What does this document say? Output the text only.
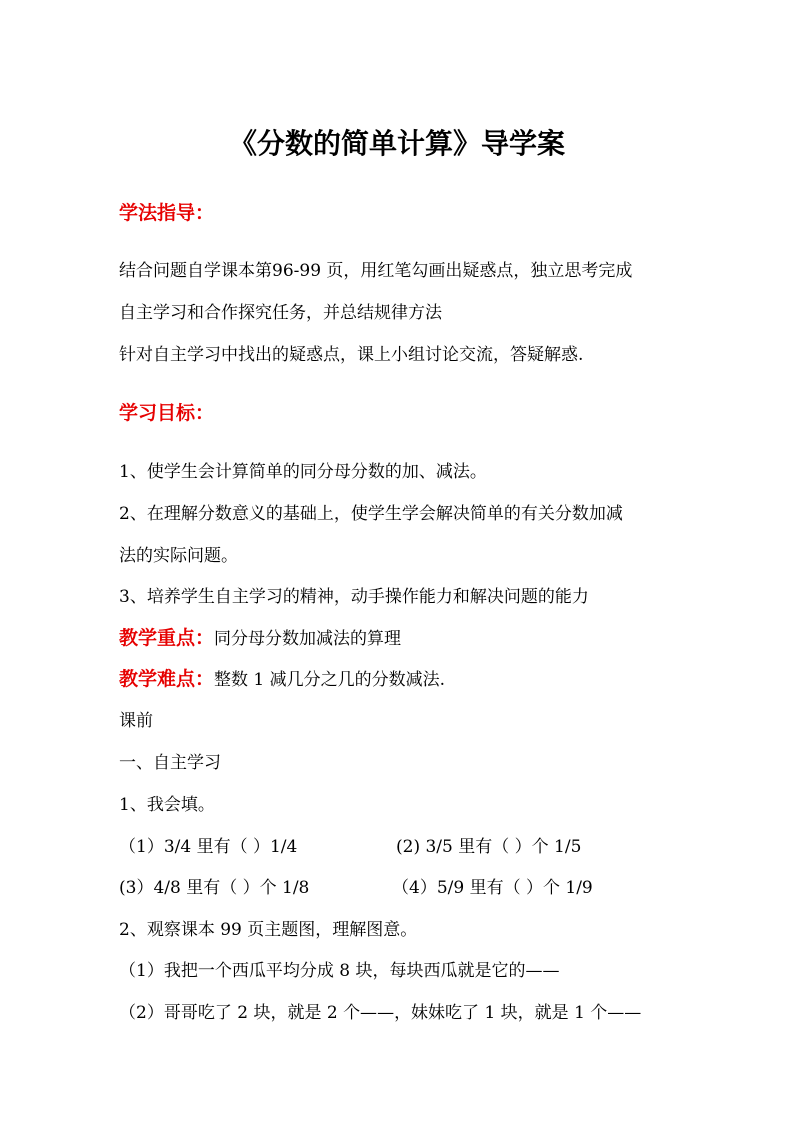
《分数的简单计算》导学案
学法指导：
结合问题自学课本第96-99 页，用红笔勾画出疑惑点，独立思考完成
自主学习和合作探究任务，并总结规律方法
针对自主学习中找出的疑惑点，课上小组讨论交流，答疑解惑.
学习目标：
1、使学生会计算简单的同分母分数的加、减法。
2、在理解分数意义的基础上，使学生学会解决简单的有关分数加减
法的实际问题。
3、培养学生自主学习的精神，动手操作能力和解决问题的能力
教学重点：同分母分数加减法的算理
教学难点：整数 1 减几分之几的分数减法.
课前
一、自主学习
1、我会填。
（1）3/4 里有（ ）1/4	(2) 3/5 里有（ ）个 1/5
(3）4/8 里有（ ）个 1/8	（4）5/9 里有（ ）个 1/9
2、观察课本 99 页主题图，理解图意。
（1）我把一个西瓜平均分成 8 块，每块西瓜就是它的——
（2）哥哥吃了 2 块，就是 2 个——，妹妹吃了 1 块，就是 1 个——
